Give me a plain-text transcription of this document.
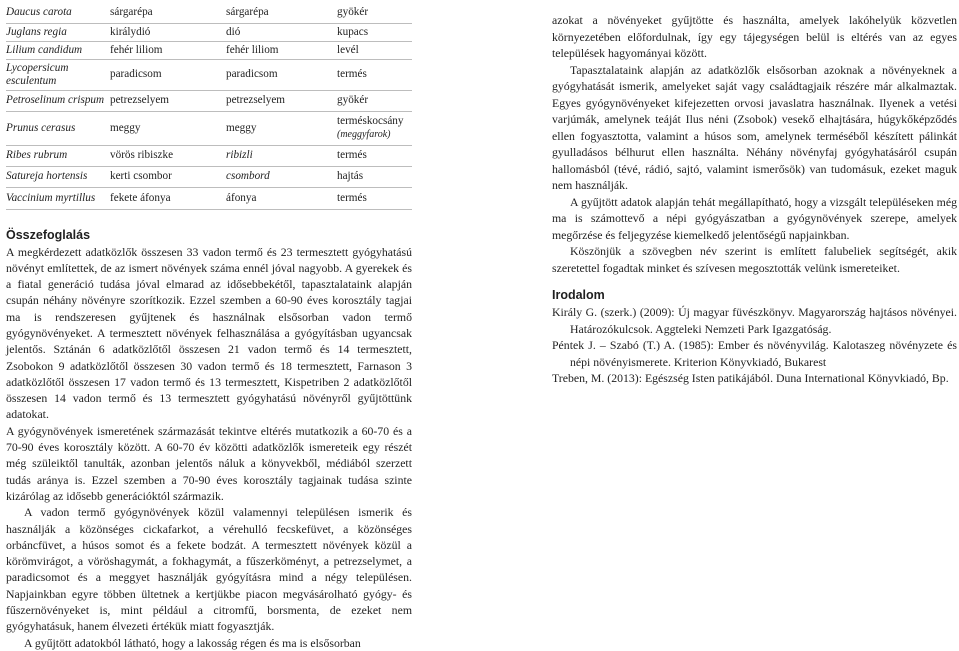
Daucus carota	sárgarépa	sárgarépa	gyökér

Juglans regia	királydió	dió	kupacs

Lilium candidum	fehér liliom	fehér liliom	levél

Lycopersicum esculentum	paradicsom	paradicsom	termés

Petroselinum crispum	petrezselyem	petrezselyem	gyökér

Prunus cerasus	meggy	meggy	terméskocsány
(meggyfarok)

Ribes rubrum	vörös ribiszke	ribizli	termés

Satureja hortensis	kerti csombor	csombord	hajtás

Vaccinium myrtillus	fekete áfonya	áfonya	termés
Összefoglalás

A megkérdezett adatközlők összesen 33 vadon termő és 23 termesztett gyógyhatású növényt említettek, de az ismert növények száma ennél jóval nagyobb. A gyerekek és a fiatal generáció tudása jóval elmarad az idősebbekétől, tapasztalataink alapján csupán néhány növényre szorítkozik. Ezzel szemben a 60-90 éves korosztály tagjai ma is rendszeresen gyűjtenek és használnak elsősorban vadon termő gyógynövényeket. A termesztett növények felhasználása a gyógyításban ugyancsak jelentős. Sztánán 6 adatközlőtől összesen 21 vadon termő és 14 termesztett, Zsobokon 9 adatközlőtől összesen 30 vadon termő és 18 termesztett, Farnason 3 adatközlőtől összesen 17 vadon termő és 13 termesztett, Kispetriben 2 adatközlőtől összesen 14 vadon termő és 13 termesztett gyógyhatású növényről gyűjtöttünk adatokat.

A gyógynövények ismeretének származását tekintve eltérés mutatkozik a 60-70 és a 70-90 éves korosztály között. A 60-70 év közötti adatközlők ismereteik egy részét még szüleiktől tanulták, azonban jelentős náluk a könyvekből, médiából szerzett tudás aránya is. Ezzel szemben a 70-90 éves korosztály tagjainak tudása szinte kizárólag az idősebb generációktól származik.

A vadon termő gyógynövények közül valamennyi településen ismerik és használják a közönséges cickafarkot, a vérehulló fecskefüvet, a közönséges orbáncfüvet, a húsos somot és a fekete bodzát. A termesztett növények közül a körömvirágot, a vöröshagymát, a fokhagymát, a fűszerköményt, a petrezselymet, a paradicsomot és a meggyet használják gyógyításra mind a négy településen. Napjainkban egyre többen ültetnek a kertjükbe piacon megvásárolható gyógy- és fűszernövényeket is, mint például a citromfű, borsmenta, de ezeket nem gyógyhatásuk, hanem élvezeti értékük miatt fogyasztják.

A gyűjtött adatokból látható, hogy a lakosság régen és ma is elsősorban

azokat a növényeket gyűjtötte és használta, amelyek lakóhelyük közvetlen környezetében előfordulnak, így egy tájegységen belül is eltérés van az egyes települések hagyományai között.

Tapasztalataink alapján az adatközlők elsősorban azoknak a növényeknek a gyógyhatását ismerik, amelyeket saját vagy családtagjaik részére már alkalmaztak. Egyes gyógynövényeket kifejezetten orvosi javaslatra használnak. Ilyenek a vetési varjúmák, amelynek teáját Ilus néni (Zsobok) vesekő elhajtására, húgykőképződés ellen fogyasztotta, valamint a húsos som, amelynek terméséből készített pálinkát gyulladásos bélhurut ellen használta. Néhány növényfaj gyógyhatásáról csupán hallomásból (tévé, rádió, sajtó, valamint ismerősök) van tudomásuk, ezeket maguk nem használják.

A gyűjtött adatok alapján tehát megállapítható, hogy a vizsgált településeken még ma is számottevő a népi gyógyászatban a gyógynövények szerepe, amelyek megőrzése és feljegyzése kiemelkedő jelentőségű napjainkban.

Köszönjük a szövegben név szerint is említett falubeliek segítségét, akik szeretettel fogadtak minket és szívesen megosztották velünk ismereteiket.

Irodalom

Király G. (szerk.) (2009): Új magyar füvészkönyv. Magyarország hajtásos növényei. Határozókulcsok. Aggteleki Nemzeti Park Igazgatóság.

Péntek J. – Szabó (T.) A. (1985): Ember és növényvilág. Kalotaszeg növényzete és népi növényismerete. Kriterion Könyvkiadó, Bukarest

Treben, M. (2013): Egészség Isten patikájából. Duna International Könyvkiadó, Bp.
